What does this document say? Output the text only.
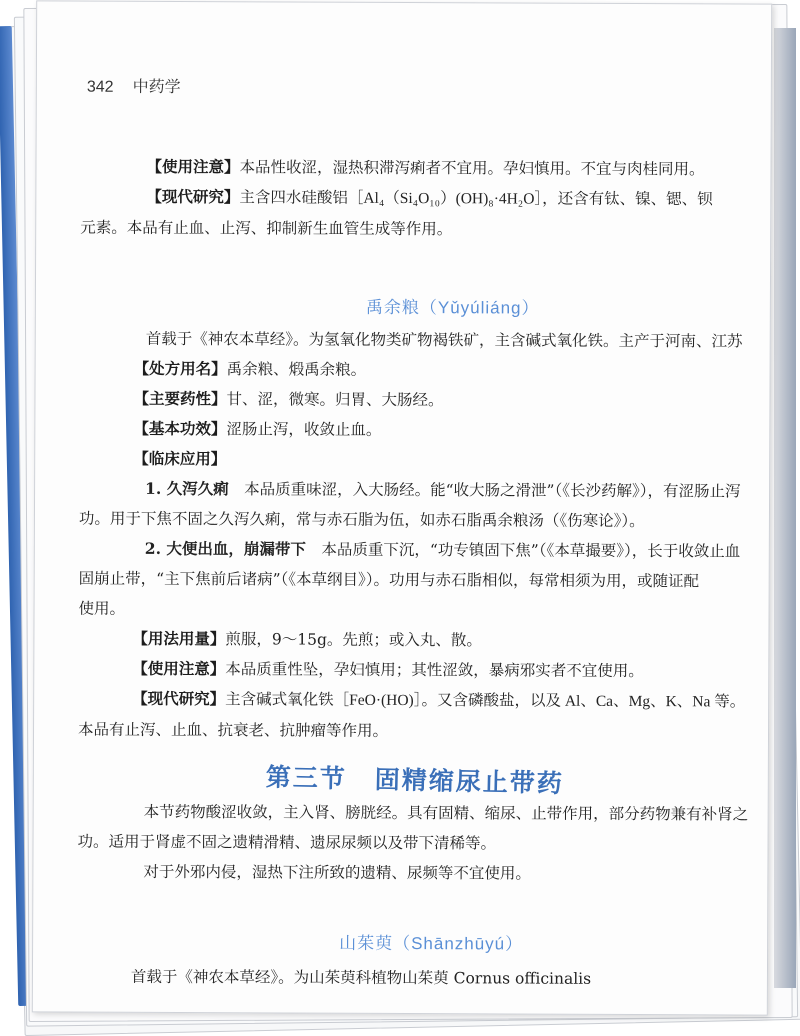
342 中药学
【使用注意】本品性收涩，湿热积滞泻痢者不宜用。孕妇慎用。不宜与肉桂同用。
【现代研究】主含四水硅酸铝［Al₄（Si₄O₁₀）(OH)₈·4H₂O］，还含有钛、镍、锶、钡
元素。本品有止血、止泻、抑制新生血管生成等作用。
禹余粮（Yǔyúliáng）
首载于《神农本草经》。为氢氧化物类矿物褐铁矿，主含碱式氧化铁。主产于河南、江苏
【处方用名】禹余粮、煅禹余粮。
【主要药性】甘、涩，微寒。归胃、大肠经。
【基本功效】涩肠止泻，收敛止血。
【临床应用】
1. 久泻久痢　本品质重味涩，入大肠经。能“收大肠之滑泄”（《长沙药解》），有涩肠止泻
功。用于下焦不固之久泻久痢，常与赤石脂为伍，如赤石脂禹余粮汤（《伤寒论》）。
2. 大便出血，崩漏带下　本品质重下沉，“功专镇固下焦”（《本草撮要》），长于收敛止血
固崩止带，“主下焦前后诸病”（《本草纲目》）。功用与赤石脂相似，每常相须为用，或随证配
使用。
【用法用量】煎服，9～15g。先煎；或入丸、散。
【使用注意】本品质重性坠，孕妇慎用；其性涩敛，暴病邪实者不宜使用。
【现代研究】主含碱式氧化铁［FeO·(HO)］。又含磷酸盐，以及 Al、Ca、Mg、K、Na 等。
本品有止泻、止血、抗衰老、抗肿瘤等作用。
第三节 固精缩尿止带药
本节药物酸涩收敛，主入肾、膀胱经。具有固精、缩尿、止带作用，部分药物兼有补肾之
功。适用于肾虚不固之遗精滑精、遗尿尿频以及带下清稀等。
对于外邪内侵，湿热下注所致的遗精、尿频等不宜使用。
山茱萸（Shānzhūyú）
首载于《神农本草经》。为山茱萸科植物山茱萸 Cornus officinalis
